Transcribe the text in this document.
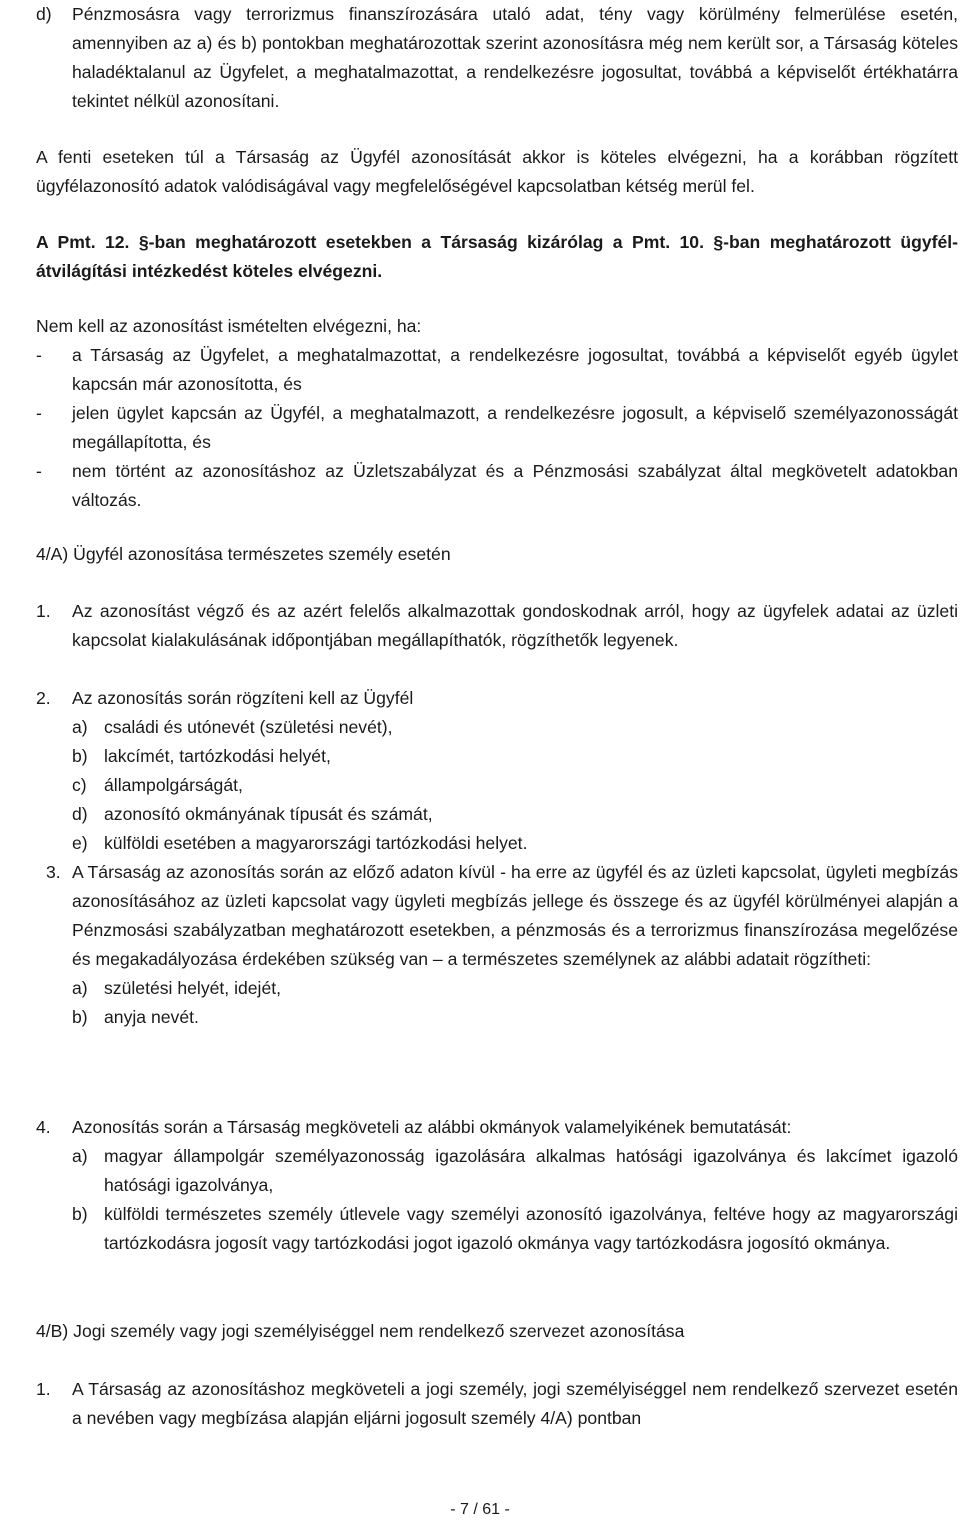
d)	Pénzmosásra vagy terrorizmus finanszírozására utaló adat, tény vagy körülmény felmerülése esetén, amennyiben az a) és b) pontokban meghatározottak szerint azonosításra még nem került sor, a Társaság köteles haladéktalanul az Ügyfelet, a meghatalmazottat, a rendelkezésre jogosultat, továbbá a képviselőt értékhatárra tekintet nélkül azonosítani.

A fenti eseteken túl a Társaság az Ügyfél azonosítását akkor is köteles elvégezni, ha a korábban rögzített ügyfélazonosító adatok valódiságával vagy megfelelőségével kapcsolatban kétség merül fel.

A Pmt. 12. §-ban meghatározott esetekben a Társaság kizárólag a Pmt. 10. §-ban meghatározott ügyfél-átvilágítási intézkedést köteles elvégezni.

Nem kell az azonosítást ismételten elvégezni, ha:

-	a Társaság az Ügyfelet, a meghatalmazottat, a rendelkezésre jogosultat, továbbá a képviselőt egyéb ügylet kapcsán már azonosította, és
-	jelen ügylet kapcsán az Ügyfél, a meghatalmazott, a rendelkezésre jogosult, a képviselő személyazonosságát megállapította, és
-	nem történt az azonosításhoz az Üzletszabályzat és a Pénzmosási szabályzat által megkövetelt adatokban változás.

4/A) Ügyfél azonosítása természetes személy esetén

1.	Az azonosítást végző és az azért felelős alkalmazottak gondoskodnak arról, hogy az ügyfelek adatai az üzleti kapcsolat kialakulásának időpontjában megállapíthatók, rögzíthetők legyenek.
2.	Az azonosítás során rögzíteni kell az Ügyfél
a) családi és utónevét (születési nevét),
b) lakcímét, tartózkodási helyét,
c) állampolgárságát,
d) azonosító okmányának típusát és számát,
e) külföldi esetében a magyarországi tartózkodási helyet.
3. A Társaság az azonosítás során az előző adaton kívül - ha erre az ügyfél és az üzleti kapcsolat, ügyleti megbízás azonosításához az üzleti kapcsolat vagy ügyleti megbízás jellege és összege és az ügyfél körülményei alapján a Pénzmosási szabályzatban meghatározott esetekben, a pénzmosás és a terrorizmus finanszírozása megelőzése és megakadályozása érdekében szükség van – a természetes személynek az alábbi adatait rögzítheti:
a) születési helyét, idejét,
b) anyja nevét.
4.	Azonosítás során a Társaság megköveteli az alábbi okmányok valamelyikének bemutatását:
a) magyar állampolgár személyazonosság igazolására alkalmas hatósági igazolványa és lakcímet igazoló hatósági igazolványa,
b) külföldi természetes személy útlevele vagy személyi azonosító igazolványa, feltéve hogy az magyarországi tartózkodásra jogosít vagy tartózkodási jogot igazoló okmánya vagy tartózkodásra jogosító okmánya.

4/B) Jogi személy vagy jogi személyiséggel nem rendelkező szervezet azonosítása

1.	A Társaság az azonosításhoz megköveteli a jogi személy, jogi személyiséggel nem rendelkező szervezet esetén a nevében vagy megbízása alapján eljárni jogosult személy 4/A) pontban
- 7 / 61 -
